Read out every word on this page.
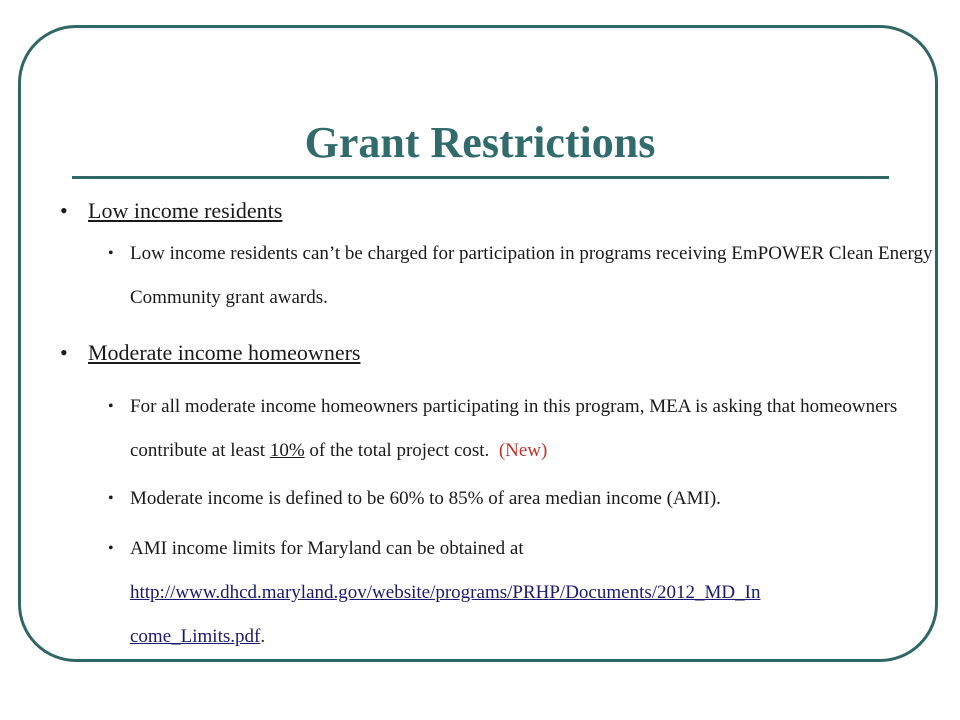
Grant Restrictions
• Low income residents
• Low income residents can’t be charged for participation in programs receiving EmPOWER Clean Energy Community grant awards.
• Moderate income homeowners
• For all moderate income homeowners participating in this program, MEA is asking that homeowners contribute at least 10% of the total project cost.  (New)
• Moderate income is defined to be 60% to 85% of area median income (AMI).
• AMI income limits for Maryland can be obtained at
http://www.dhcd.maryland.gov/website/programs/PRHP/Documents/2012_MD_In
come_Limits.pdf.
